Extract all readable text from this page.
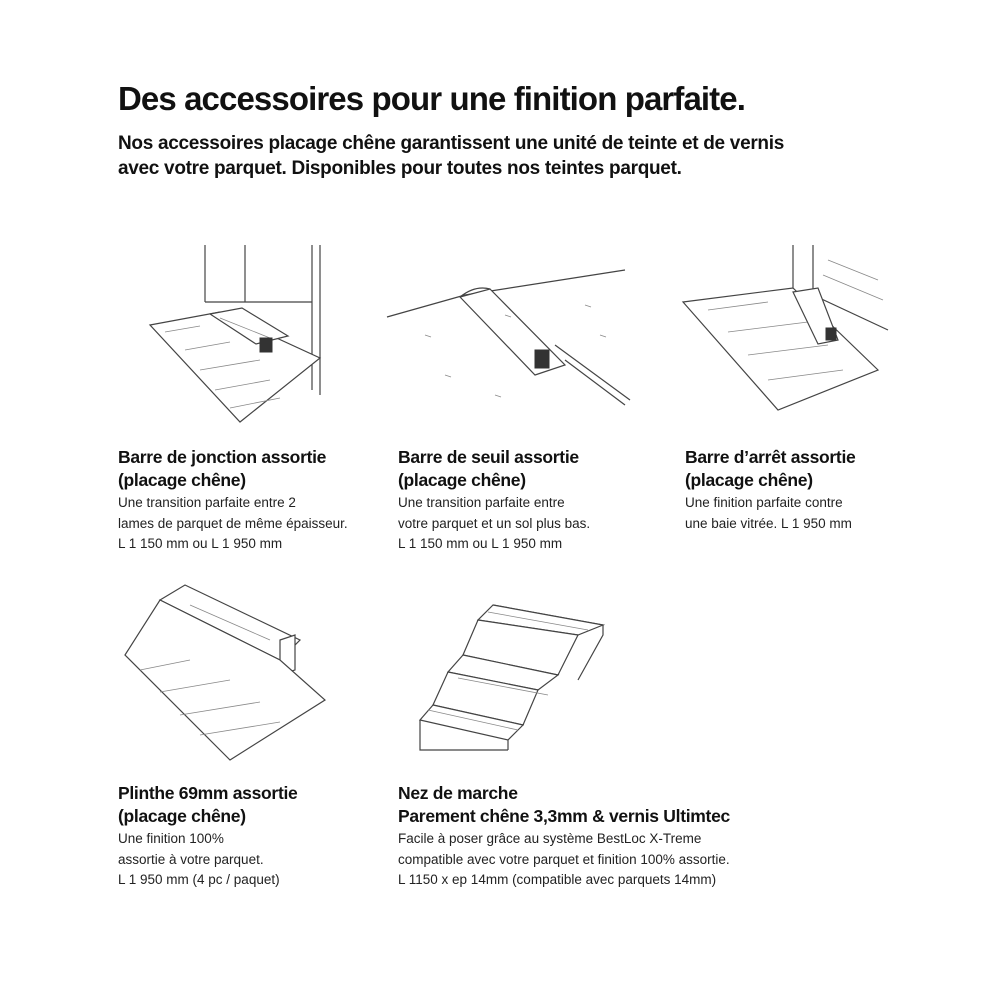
Des accessoires pour une finition parfaite.
Nos accessoires placage chêne garantissent une unité de teinte et de vernis
avec votre parquet. Disponibles pour toutes nos teintes parquet.
Barre de jonction assortie
(placage chêne)
Une transition parfaite entre 2
lames de parquet de même épaisseur.
L 1 150 mm ou L 1 950 mm
Barre de seuil assortie
(placage chêne)
Une transition parfaite entre
votre parquet et un sol plus bas.
L 1 150 mm ou L 1 950 mm
Barre d’arrêt assortie
(placage chêne)
Une finition parfaite contre
une baie vitrée. L 1 950 mm
Plinthe 69mm assortie
(placage chêne)
Une finition 100%
assortie à votre parquet.
L 1 950 mm (4 pc / paquet)
Nez de marche
Parement chêne 3,3mm & vernis Ultimtec
Facile à poser grâce au système BestLoc X-Treme
compatible avec votre parquet et finition 100% assortie.
L 1150 x ep 14mm (compatible avec parquets 14mm)
